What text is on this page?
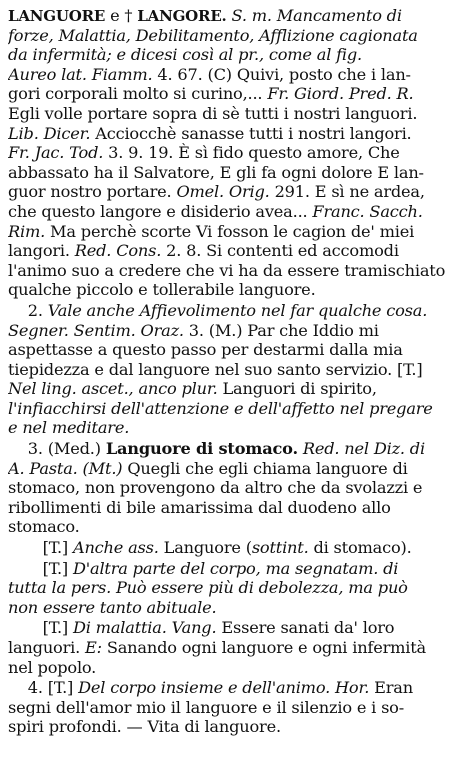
LANGUORE e † LANGORE. S. m. Mancamento di
forze, Malattia, Debilitamento, Afflizione cagionata
da infermità; e dicesi così al pr., come al fig.
Aureo lat. Fiamm. 4. 67. (C) Quivi, posto che i lan-
gori corporali molto si curino,... Fr. Giord. Pred. R.
Egli volle portare sopra di sè tutti i nostri languori.
Lib. Dicer. Acciocchè sanasse tutti i nostri langori.
Fr. Jac. Tod. 3. 9. 19. È sì fido questo amore, Che
abbassato ha il Salvatore, E gli fa ogni dolore E lan-
guor nostro portare. Omel. Orig. 291. E sì ne ardea,
che questo langore e disiderio avea... Franc. Sacch.
Rim. Ma perchè scorte Vi fosson le cagion de' miei
langori. Red. Cons. 2. 8. Si contenti ed accomodi
l'animo suo a credere che vi ha da essere tramischiato
qualche piccolo e tollerabile languore.
2. Vale anche Affievolimento nel far qualche cosa.
Segner. Sentim. Oraz. 3. (M.) Par che Iddio mi
aspettasse a questo passo per destarmi dalla mia
tiepidezza e dal languore nel suo santo servizio. [T.]
Nel ling. ascet., anco plur. Languori di spirito,
l'infiacchirsi dell'attenzione e dell'affetto nel pregare
e nel meditare.
3. (Med.) Languore di stomaco. Red. nel Diz. di
A. Pasta. (Mt.) Quegli che egli chiama languore di
stomaco, non provengono da altro che da svolazzi e
ribollimenti di bile amarissima dal duodeno allo
stomaco.
[T.] Anche ass. Languore (sottint. di stomaco).
[T.] D'altra parte del corpo, ma segnatam. di
tutta la pers. Può essere più di debolezza, ma può
non essere tanto abituale.
[T.] Di malattia. Vang. Essere sanati da' loro
languori. E: Sanando ogni languore e ogni infermità
nel popolo.
4. [T.] Del corpo insieme e dell'animo. Hor. Eran
segni dell'amor mio il languore e il silenzio e i so-
spiri profondi. — Vita di languore.
